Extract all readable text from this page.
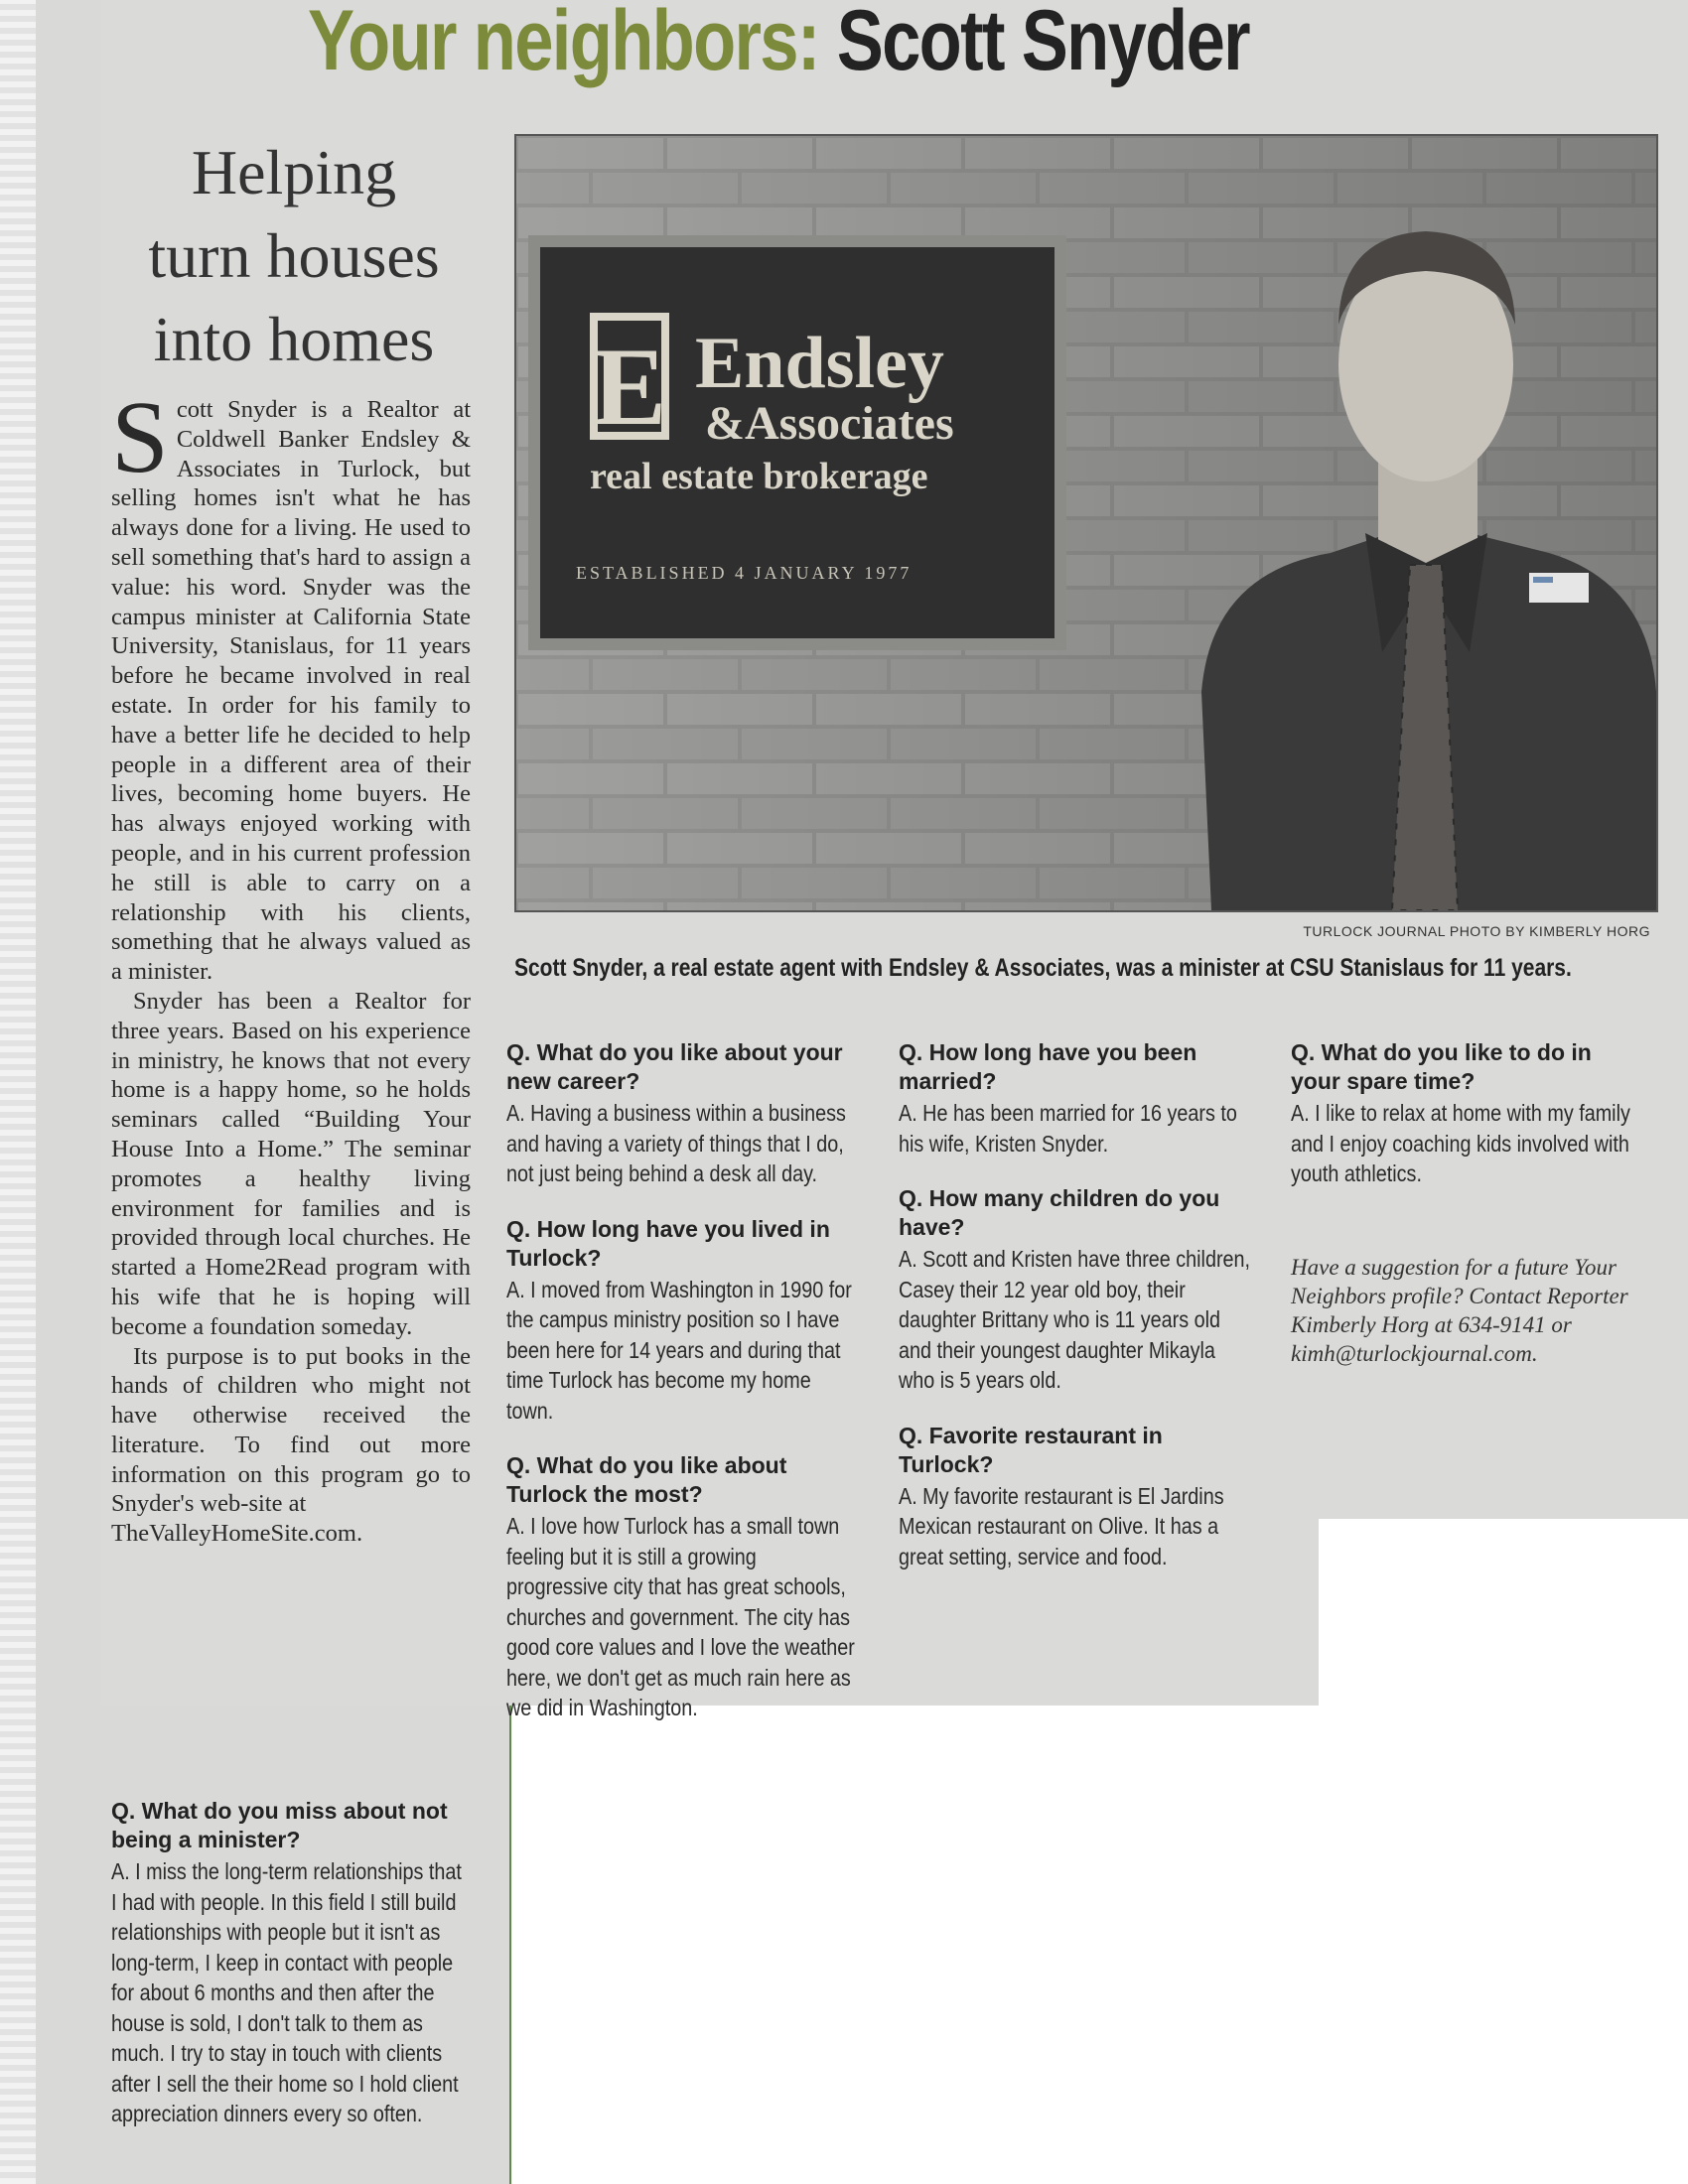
Your neighbors: Scott Snyder
Helping
turn houses
into homes

Scott Snyder is a Realtor at Coldwell Banker Endsley & Associates in Turlock, but selling homes isn't what he has always done for a living. He used to sell something that's hard to assign a value: his word. Snyder was the campus minister at California State University, Stanislaus, for 11 years before he became involved in real estate. In order for his family to have a better life he decided to help people in a different area of their lives, becoming home buyers. He has always enjoyed working with people, and in his current profession he still is able to carry on a relationship with his clients, something that he always valued as a minister.

Snyder has been a Realtor for three years. Based on his experience in ministry, he knows that not every home is a happy home, so he holds seminars called “Building Your House Into a Home.” The seminar promotes a healthy living environment for families and is provided through local churches. He started a Home2Read program with his wife that he is hoping will become a foundation someday.

Its purpose is to put books in the hands of children who might not have otherwise received the literature. To find out more information on this program go to Snyder's web-site at

TheValleyHomeSite.com.

Q. What do you miss about not being a minister?

A. I miss the long-term relationships that I had with people. In this field I still build relationships with people but it isn't as long-term, I keep in contact with people for about 6 months and then after the house is sold, I don't talk to them as much. I try to stay in touch with clients after I sell the their home so I hold client appreciation dinners every so often.

E Endsley
&Associates
real estate brokerage
ESTABLISHED 4 JANUARY 1977

TURLOCK JOURNAL PHOTO BY KIMBERLY HORG

Scott Snyder, a real estate agent with Endsley & Associates, was a minister at CSU Stanislaus for 11 years.

Q. What do you like about your new career?

A. Having a business within a business and having a variety of things that I do, not just being behind a desk all day.

Q. How long have you lived in Turlock?

A. I moved from Washington in 1990 for the campus ministry position so I have been here for 14 years and during that time Turlock has become my home town.

Q. What do you like about Turlock the most?

A. I love how Turlock has a small town feeling but it is still a growing progressive city that has great schools, churches and government. The city has good core values and I love the weather here, we don't get as much rain here as we did in Washington.

Q. How long have you been married?

A. He has been married for 16 years to his wife, Kristen Snyder.

Q. How many children do you have?

A. Scott and Kristen have three children, Casey their 12 year old boy, their daughter Brittany who is 11 years old and their youngest daughter Mikayla who is 5 years old.

Q. Favorite restaurant in Turlock?

A. My favorite restaurant is El Jardins Mexican restaurant on Olive. It has a great setting, service and food.

Q. What do you like to do in your spare time?

A. I like to relax at home with my family and I enjoy coaching kids involved with youth athletics.

Have a suggestion for a future Your Neighbors profile? Contact Reporter Kimberly Horg at 634-9141 or kimh@turlockjournal.com.
